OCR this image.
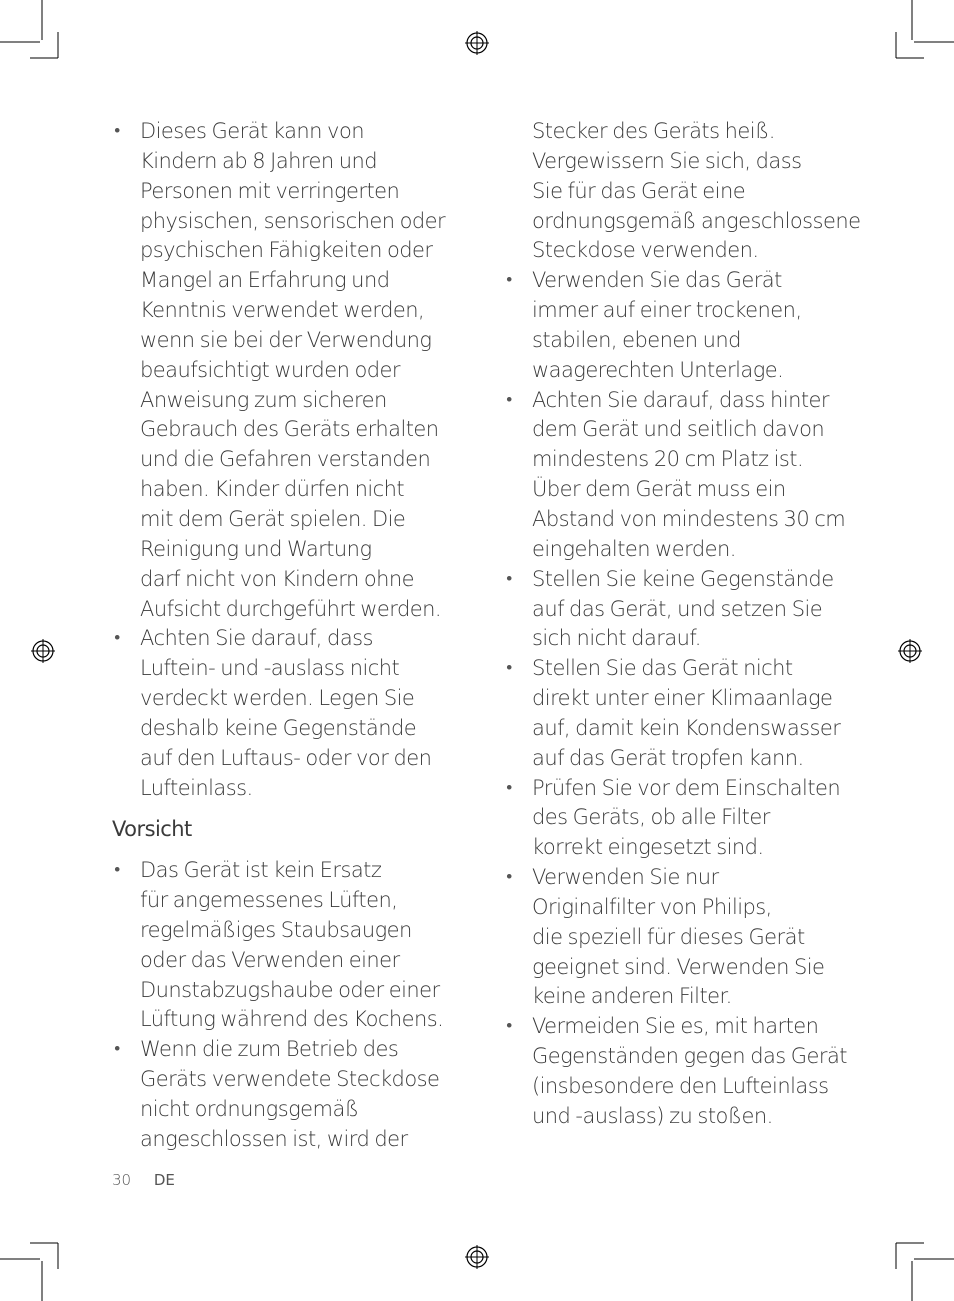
• Dieses Gerät kann von
Kindern ab 8 Jahren und
Personen mit verringerten
physischen, sensorischen oder
psychischen Fähigkeiten oder
Mangel an Erfahrung und
Kenntnis verwendet werden,
wenn sie bei der Verwendung
beaufsichtigt wurden oder
Anweisung zum sicheren
Gebrauch des Geräts erhalten
und die Gefahren verstanden
haben. Kinder dürfen nicht
mit dem Gerät spielen. Die
Reinigung und Wartung
darf nicht von Kindern ohne
Aufsicht durchgeführt werden.
• Achten Sie darauf, dass
Luftein- und -auslass nicht
verdeckt werden. Legen Sie
deshalb keine Gegenstände
auf den Luftaus- oder vor den
Lufteinlass.
Vorsicht
• Das Gerät ist kein Ersatz
für angemessenes Lüften,
regelmäßiges Staubsaugen
oder das Verwenden einer
Dunstabzugshaube oder einer
Lüftung während des Kochens.
• Wenn die zum Betrieb des
Geräts verwendete Steckdose
nicht ordnungsgemäß
angeschlossen ist, wird der
Stecker des Geräts heiß.
Vergewissern Sie sich, dass
Sie für das Gerät eine
ordnungsgemäß angeschlossene
Steckdose verwenden.
• Verwenden Sie das Gerät
immer auf einer trockenen,
stabilen, ebenen und
waagerechten Unterlage.
• Achten Sie darauf, dass hinter
dem Gerät und seitlich davon
mindestens 20 cm Platz ist.
Über dem Gerät muss ein
Abstand von mindestens 30 cm
eingehalten werden.
• Stellen Sie keine Gegenstände
auf das Gerät, und setzen Sie
sich nicht darauf.
• Stellen Sie das Gerät nicht
direkt unter einer Klimaanlage
auf, damit kein Kondenswasser
auf das Gerät tropfen kann.
• Prüfen Sie vor dem Einschalten
des Geräts, ob alle Filter
korrekt eingesetzt sind.
• Verwenden Sie nur
Originalfilter von Philips,
die speziell für dieses Gerät
geeignet sind. Verwenden Sie
keine anderen Filter.
• Vermeiden Sie es, mit harten
Gegenständen gegen das Gerät
(insbesondere den Lufteinlass
und -auslass) zu stoßen.
30 DE
